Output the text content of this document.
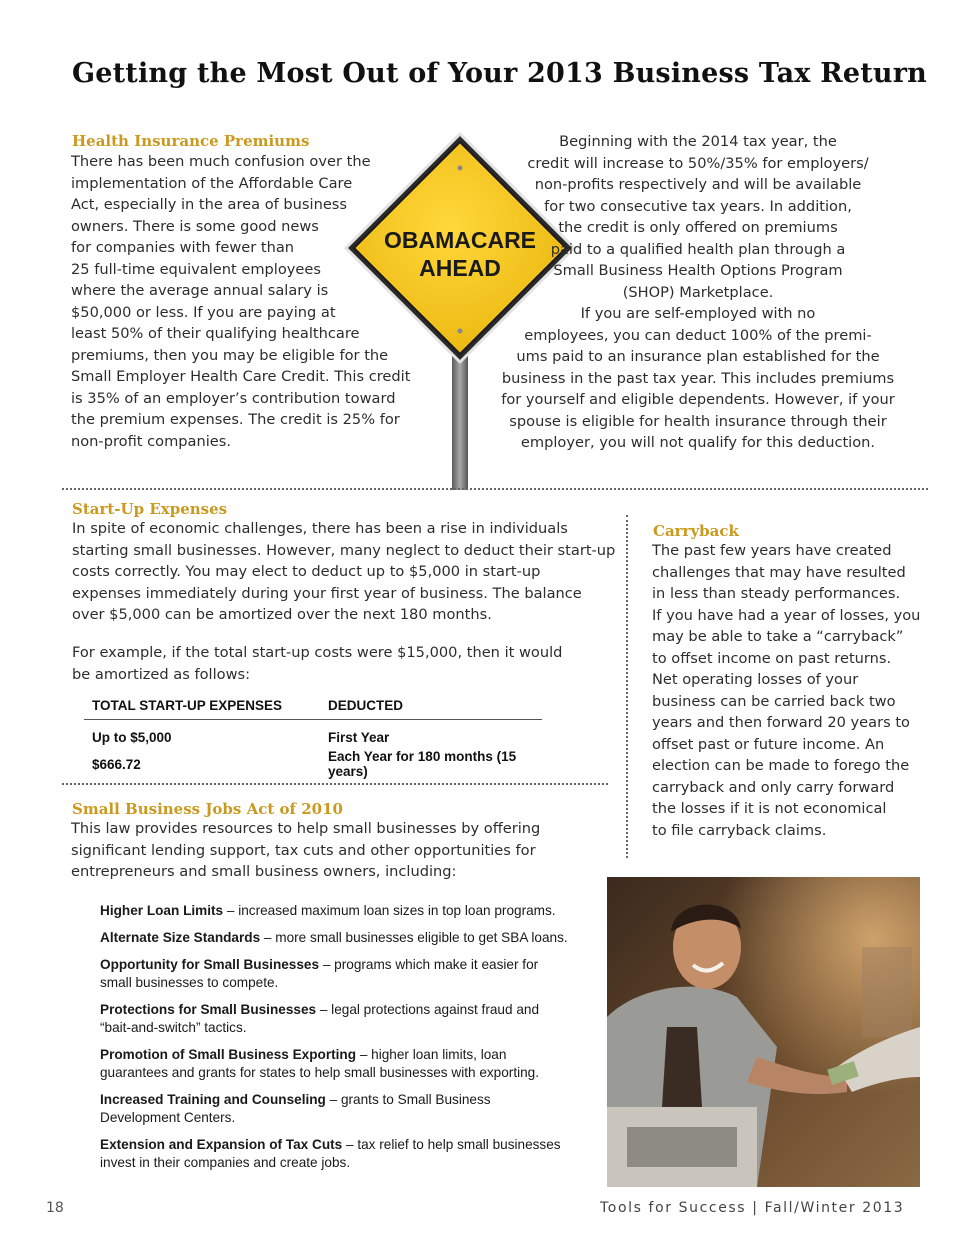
Getting the Most Out of Your 2013 Business Tax Return
Health Insurance Premiums
There has been much confusion over the
implementation of the Affordable Care
Act, especially in the area of business
owners. There is some good news
for companies with fewer than
25 full-time equivalent employees
where the average annual salary is
$50,000 or less. If you are paying at
least 50% of their qualifying healthcare
premiums, then you may be eligible for the
Small Employer Health Care Credit. This credit
is 35% of an employer’s contribution toward
the premium expenses. The credit is 25% for
non-profit companies.
OBAMACARE
AHEAD
Beginning with the 2014 tax year, the
credit will increase to 50%/35% for employers/
non-profits respectively and will be available
for two consecutive tax years. In addition,
the credit is only offered on premiums
paid to a qualified health plan through a
Small Business Health Options Program
(SHOP) Marketplace.
If you are self-employed with no
employees, you can deduct 100% of the premi-
ums paid to an insurance plan established for the
business in the past tax year. This includes premiums
for yourself and eligible dependents. However, if your
spouse is eligible for health insurance through their
employer, you will not qualify for this deduction.
Start-Up Expenses
In spite of economic challenges, there has been a rise in individuals
starting small businesses. However, many neglect to deduct their start-up
costs correctly. You may elect to deduct up to $5,000 in start-up
expenses immediately during your first year of business. The balance
over $5,000 can be amortized over the next 180 months.
For example, if the total start-up costs were $15,000, then it would
be amortized as follows:
TOTAL START-UP EXPENSES	DEDUCTED
Up to $5,000	First Year
$666.72	Each Year for 180 months (15 years)
Carryback
The past few years have created
challenges that may have resulted
in less than steady performances.
If you have had a year of losses, you
may be able to take a “carryback”
to offset income on past returns.
Net operating losses of your
business can be carried back two
years and then forward 20 years to
offset past or future income. An
election can be made to forego the
carryback and only carry forward
the losses if it is not economical
to file carryback claims.
Small Business Jobs Act of 2010
This law provides resources to help small businesses by offering
significant lending support, tax cuts and other opportunities for
entrepreneurs and small business owners, including:
Higher Loan Limits – increased maximum loan sizes in top loan programs.
Alternate Size Standards – more small businesses eligible to get SBA loans.
Opportunity for Small Businesses – programs which make it easier for small businesses to compete.
Protections for Small Businesses – legal protections against fraud and “bait-and-switch” tactics.
Promotion of Small Business Exporting – higher loan limits, loan guarantees and grants for states to help small businesses with exporting.
Increased Training and Counseling – grants to Small Business Development Centers.
Extension and Expansion of Tax Cuts – tax relief to help small businesses invest in their companies and create jobs.
18	Tools for Success | Fall/Winter 2013
